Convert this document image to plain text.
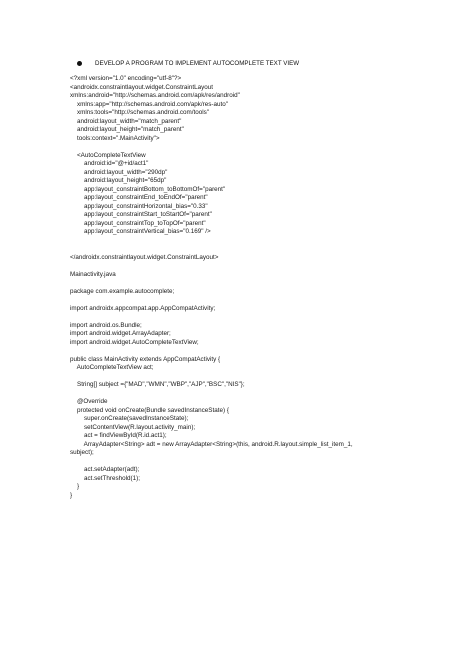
DEVELOP A PROGRAM TO IMPLEMENT AUTOCOMPLETE TEXT VIEW
<?xml version="1.0" encoding="utf-8"?>
<androidx.constraintlayout.widget.ConstraintLayout
xmlns:android="http://schemas.android.com/apk/res/android"
xmlns:app="http://schemas.android.com/apk/res-auto"
xmlns:tools="http://schemas.android.com/tools"
android:layout_width="match_parent"
android:layout_height="match_parent"
tools:context=".MainActivity">
<AutoCompleteTextView
android:id="@+id/act1"
android:layout_width="290dp"
android:layout_height="65dp"
app:layout_constraintBottom_toBottomOf="parent"
app:layout_constraintEnd_toEndOf="parent"
app:layout_constraintHorizontal_bias="0.33"
app:layout_constraintStart_toStartOf="parent"
app:layout_constraintTop_toTopOf="parent"
app:layout_constraintVertical_bias="0.169" />
</androidx.constraintlayout.widget.ConstraintLayout>
Mainactivity.java
package com.example.autocomplete;
import androidx.appcompat.app.AppCompatActivity;
import android.os.Bundle;
import android.widget.ArrayAdapter;
import android.widget.AutoCompleteTextView;
public class MainActivity extends AppCompatActivity {
AutoCompleteTextView act;
String[] subject ={"MAD","WMN","WBP","AJP","BSC","NIS"};
@Override
protected void onCreate(Bundle savedInstanceState) {
super.onCreate(savedInstanceState);
setContentView(R.layout.activity_main);
act = findViewById(R.id.act1);
ArrayAdapter<String> adt = new ArrayAdapter<String>(this, android.R.layout.simple_list_item_1,
subject);
act.setAdapter(adt);
act.setThreshold(1);
}
}
